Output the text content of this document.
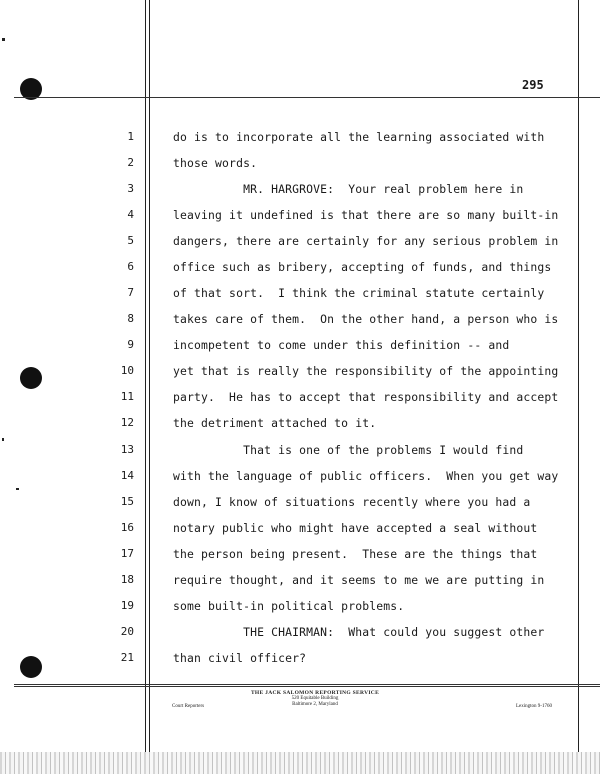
295
1	do is to incorporate all the learning associated with
2	those words.
3	MR. HARGROVE:  Your real problem here in
4	leaving it undefined is that there are so many built-in
5	dangers, there are certainly for any serious problem in
6	office such as bribery, accepting of funds, and things
7	of that sort.  I think the criminal statute certainly
8	takes care of them.  On the other hand, a person who is
9	incompetent to come under this definition -- and
10	yet that is really the responsibility of the appointing
11	party.  He has to accept that responsibility and accept
12	the detriment attached to it.
13	That is one of the problems I would find
14	with the language of public officers.  When you get way
15	down, I know of situations recently where you had a
16	notary public who might have accepted a seal without
17	the person being present.  These are the things that
18	require thought, and it seems to me we are putting in
19	some built-in political problems.
20	THE CHAIRMAN:  What could you suggest other
21	than civil officer?
THE JACK SALOMON REPORTING SERVICE
520 Equitable Building
Baltimore 2, Maryland
Court Reporters	Lexington 9-1760
